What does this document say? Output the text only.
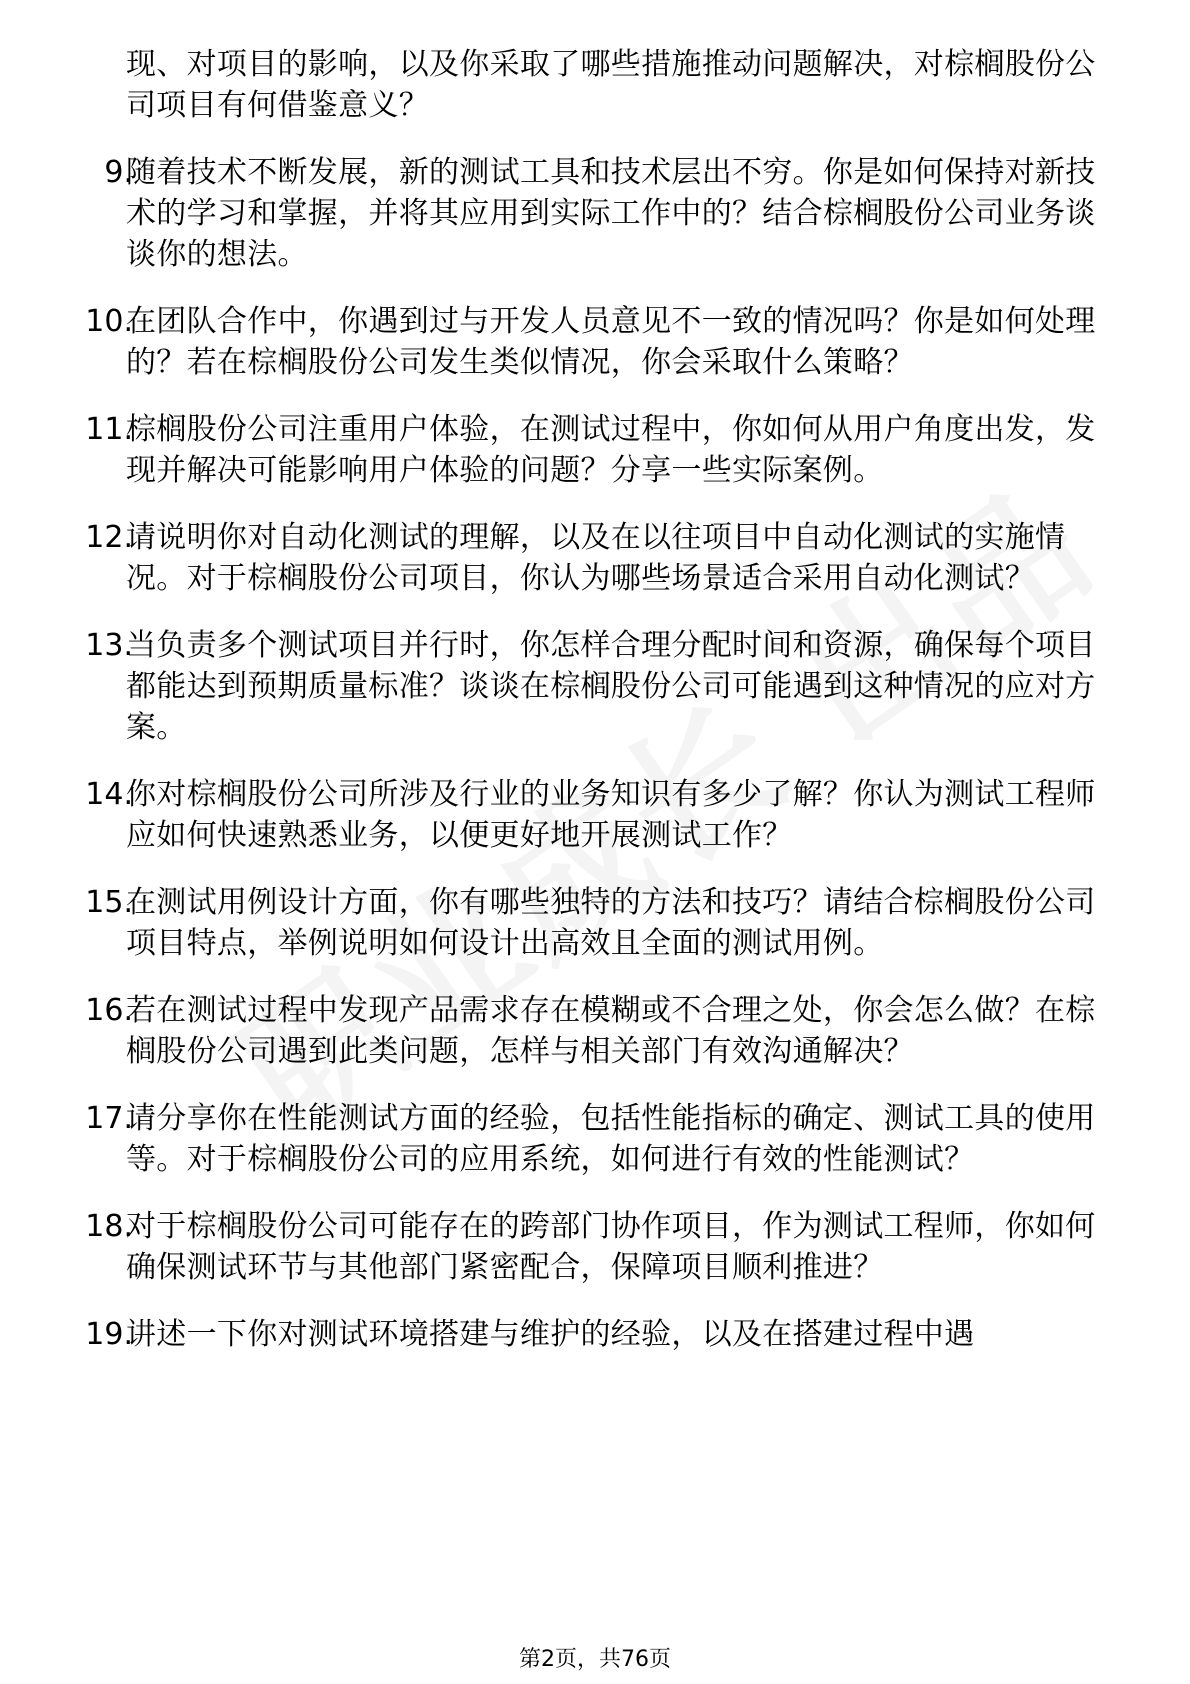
现、对项目的影响，以及你采取了哪些措施推动问题解决，对棕榈股份公司项目有何借鉴意义？
9.
随着技术不断发展，新的测试工具和技术层出不穷。你是如何保持对新技术的学习和掌握，并将其应用到实际工作中的？结合棕榈股份公司业务谈谈你的想法。
10.
在团队合作中，你遇到过与开发人员意见不一致的情况吗？你是如何处理的？若在棕榈股份公司发生类似情况，你会采取什么策略？
11.
棕榈股份公司注重用户体验，在测试过程中，你如何从用户角度出发，发现并解决可能影响用户体验的问题？分享一些实际案例。
12.
请说明你对自动化测试的理解，以及在以往项目中自动化测试的实施情况。对于棕榈股份公司项目，你认为哪些场景适合采用自动化测试？
13.
当负责多个测试项目并行时，你怎样合理分配时间和资源，确保每个项目都能达到预期质量标准？谈谈在棕榈股份公司可能遇到这种情况的应对方案。
14.
你对棕榈股份公司所涉及行业的业务知识有多少了解？你认为测试工程师应如何快速熟悉业务，以便更好地开展测试工作？
15.
在测试用例设计方面，你有哪些独特的方法和技巧？请结合棕榈股份公司项目特点，举例说明如何设计出高效且全面的测试用例。
16.
若在测试过程中发现产品需求存在模糊或不合理之处，你会怎么做？在棕榈股份公司遇到此类问题，怎样与相关部门有效沟通解决？
17.
请分享你在性能测试方面的经验，包括性能指标的确定、测试工具的使用等。对于棕榈股份公司的应用系统，如何进行有效的性能测试？
18.
对于棕榈股份公司可能存在的跨部门协作项目，作为测试工程师，你如何确保测试环节与其他部门紧密配合，保障项目顺利推进？
19.
讲述一下你对测试环境搭建与维护的经验，以及在搭建过程中遇
第2页，共76页
